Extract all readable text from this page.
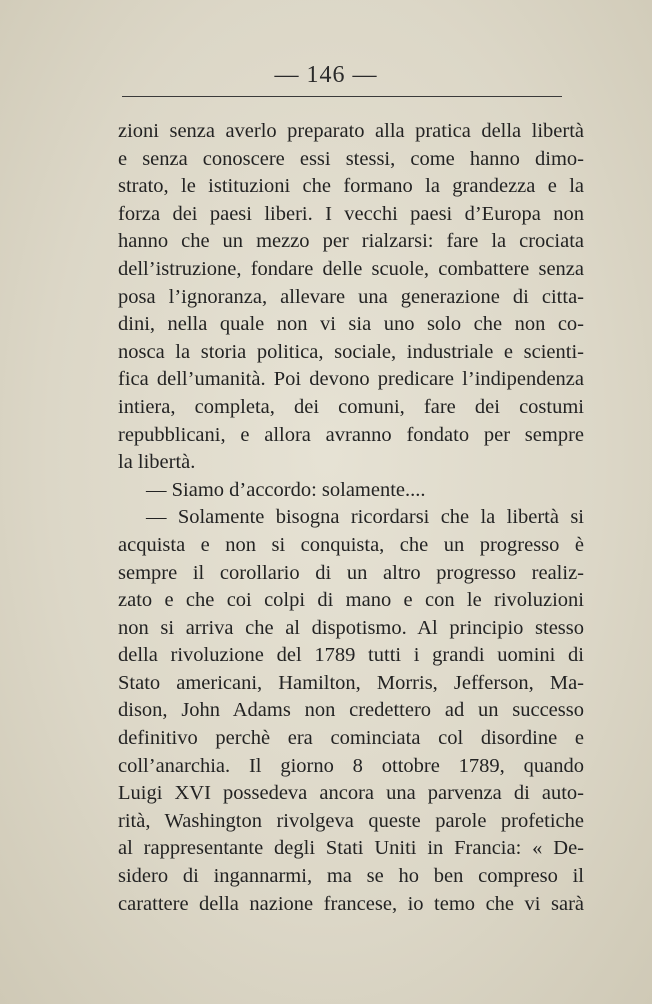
— 146 —
zioni senza averlo preparato alla pratica della libertà
e senza conoscere essi stessi, come hanno dimo-
strato, le istituzioni che formano la grandezza e la
forza dei paesi liberi. I vecchi paesi d’Europa non
hanno che un mezzo per rialzarsi: fare la crociata
dell’istruzione, fondare delle scuole, combattere senza
posa l’ignoranza, allevare una generazione di citta-
dini, nella quale non vi sia uno solo che non co-
nosca la storia politica, sociale, industriale e scienti-
fica dell’umanità. Poi devono predicare l’indipendenza
intiera, completa, dei comuni, fare dei costumi
repubblicani, e allora avranno fondato per sempre
la libertà.
— Siamo d’accordo: solamente....
— Solamente bisogna ricordarsi che la libertà si
acquista e non si conquista, che un progresso è
sempre il corollario di un altro progresso realiz-
zato e che coi colpi di mano e con le rivoluzioni
non si arriva che al dispotismo. Al principio stesso
della rivoluzione del 1789 tutti i grandi uomini di
Stato americani, Hamilton, Morris, Jefferson, Ma-
dison, John Adams non credettero ad un successo
definitivo perchè era cominciata col disordine e
coll’anarchia. Il giorno 8 ottobre 1789, quando
Luigi XVI possedeva ancora una parvenza di auto-
rità, Washington rivolgeva queste parole profetiche
al rappresentante degli Stati Uniti in Francia: « De-
sidero di ingannarmi, ma se ho ben compreso il
carattere della nazione francese, io temo che vi sarà
